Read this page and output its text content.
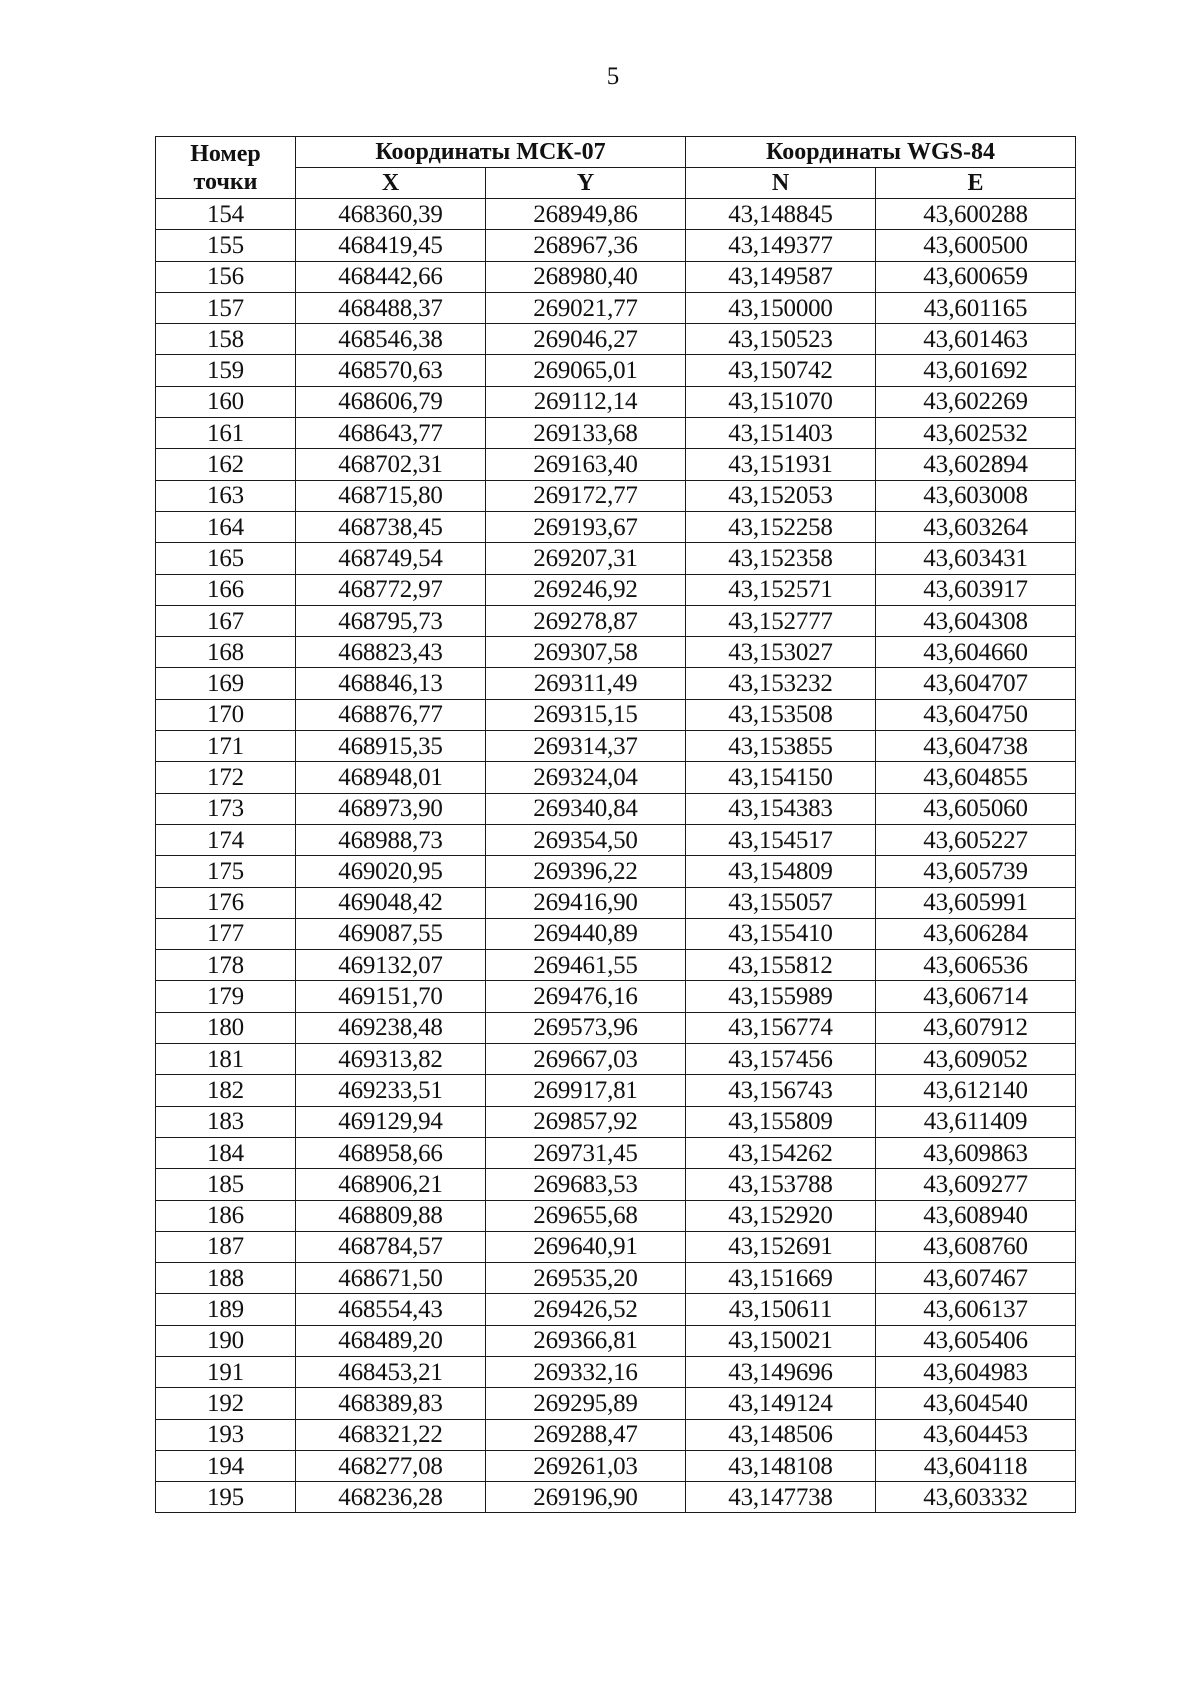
5
Номер точки	Координаты МСК-07		Координаты WGS-84	
	X	Y	N	E
154	468360,39	268949,86	43,148845	43,600288
155	468419,45	268967,36	43,149377	43,600500
156	468442,66	268980,40	43,149587	43,600659
157	468488,37	269021,77	43,150000	43,601165
158	468546,38	269046,27	43,150523	43,601463
159	468570,63	269065,01	43,150742	43,601692
160	468606,79	269112,14	43,151070	43,602269
161	468643,77	269133,68	43,151403	43,602532
162	468702,31	269163,40	43,151931	43,602894
163	468715,80	269172,77	43,152053	43,603008
164	468738,45	269193,67	43,152258	43,603264
165	468749,54	269207,31	43,152358	43,603431
166	468772,97	269246,92	43,152571	43,603917
167	468795,73	269278,87	43,152777	43,604308
168	468823,43	269307,58	43,153027	43,604660
169	468846,13	269311,49	43,153232	43,604707
170	468876,77	269315,15	43,153508	43,604750
171	468915,35	269314,37	43,153855	43,604738
172	468948,01	269324,04	43,154150	43,604855
173	468973,90	269340,84	43,154383	43,605060
174	468988,73	269354,50	43,154517	43,605227
175	469020,95	269396,22	43,154809	43,605739
176	469048,42	269416,90	43,155057	43,605991
177	469087,55	269440,89	43,155410	43,606284
178	469132,07	269461,55	43,155812	43,606536
179	469151,70	269476,16	43,155989	43,606714
180	469238,48	269573,96	43,156774	43,607912
181	469313,82	269667,03	43,157456	43,609052
182	469233,51	269917,81	43,156743	43,612140
183	469129,94	269857,92	43,155809	43,611409
184	468958,66	269731,45	43,154262	43,609863
185	468906,21	269683,53	43,153788	43,609277
186	468809,88	269655,68	43,152920	43,608940
187	468784,57	269640,91	43,152691	43,608760
188	468671,50	269535,20	43,151669	43,607467
189	468554,43	269426,52	43,150611	43,606137
190	468489,20	269366,81	43,150021	43,605406
191	468453,21	269332,16	43,149696	43,604983
192	468389,83	269295,89	43,149124	43,604540
193	468321,22	269288,47	43,148506	43,604453
194	468277,08	269261,03	43,148108	43,604118
195	468236,28	269196,90	43,147738	43,603332
